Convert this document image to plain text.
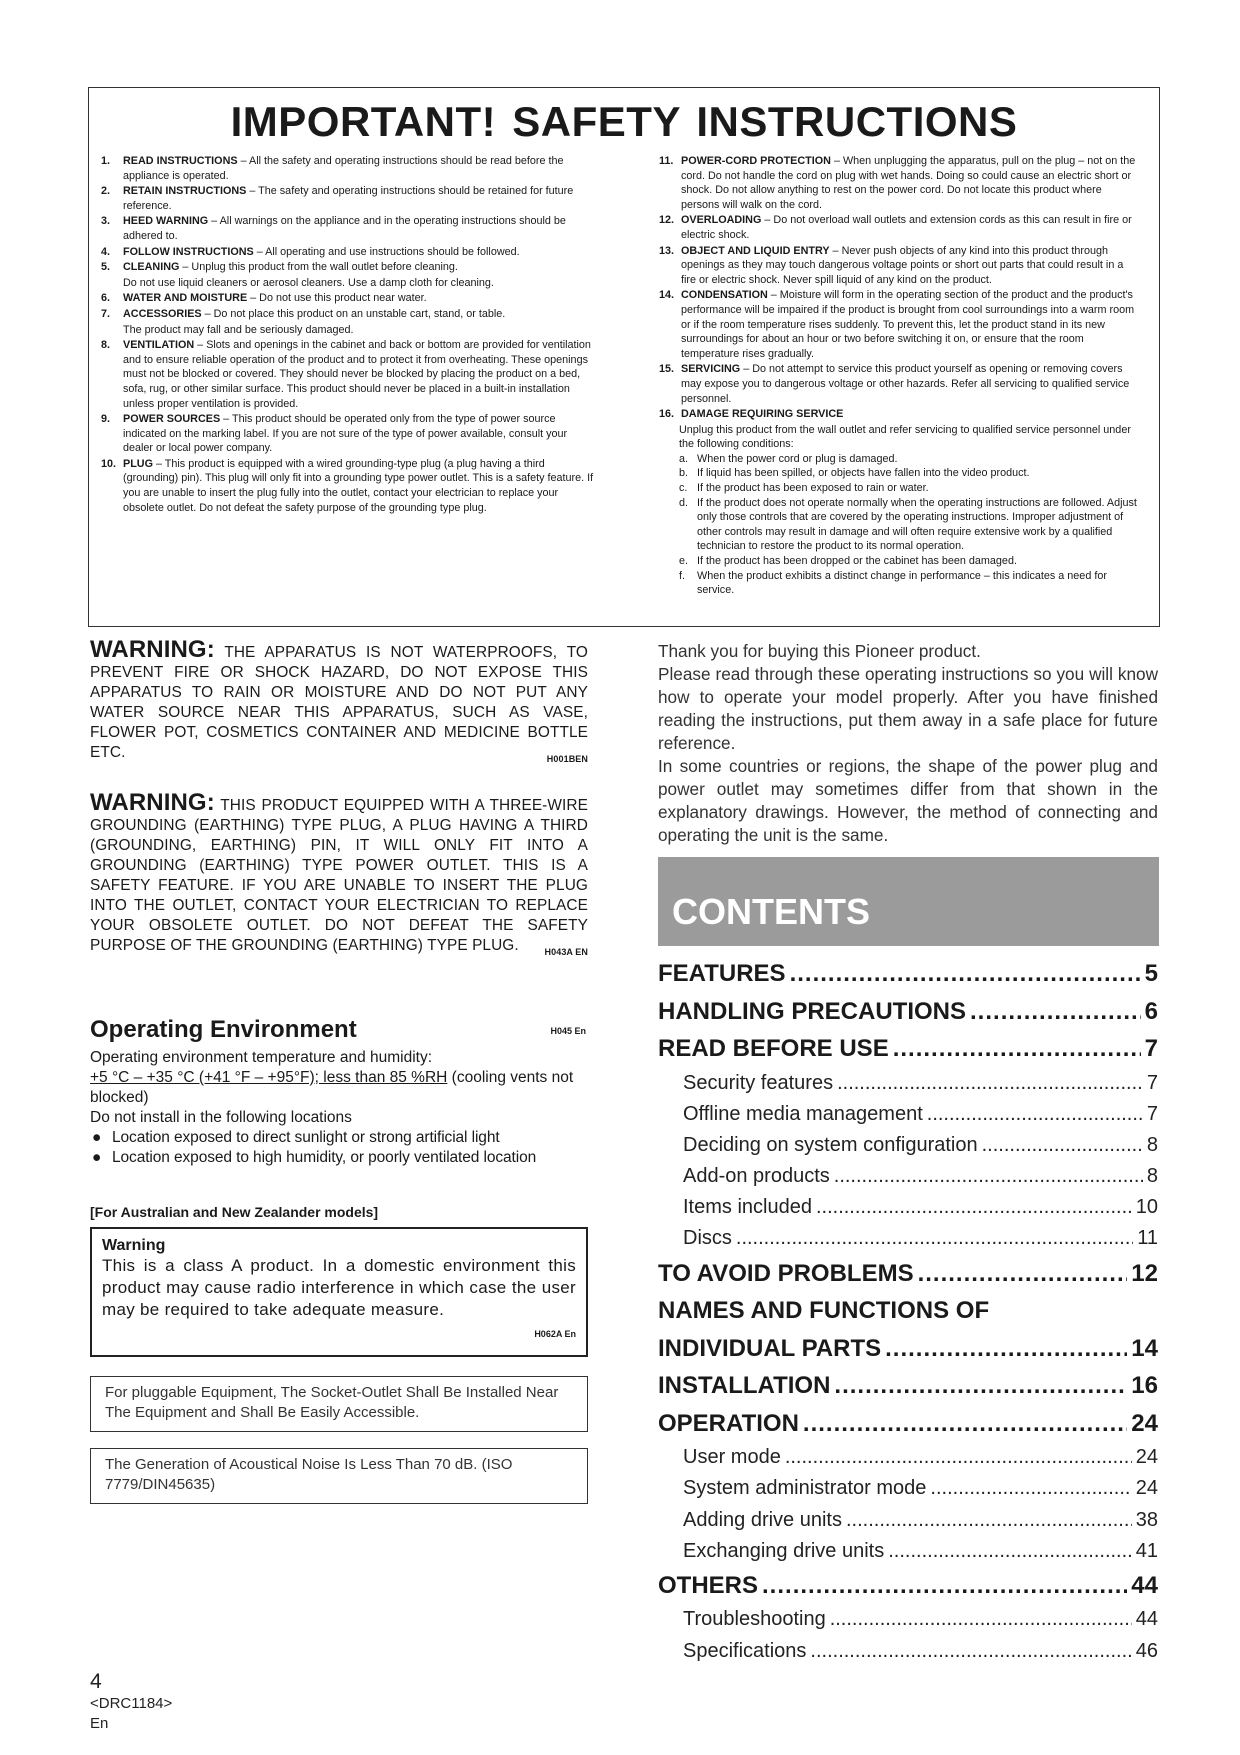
IMPORTANT! SAFETY INSTRUCTIONS
1. READ INSTRUCTIONS – All the safety and operating instructions should be read before the appliance is operated.
2. RETAIN INSTRUCTIONS – The safety and operating instructions should be retained for future reference.
3. HEED WARNING – All warnings on the appliance and in the operating instructions should be adhered to.
4. FOLLOW INSTRUCTIONS – All operating and use instructions should be followed.
5. CLEANING – Unplug this product from the wall outlet before cleaning.
Do not use liquid cleaners or aerosol cleaners. Use a damp cloth for cleaning.
6. WATER AND MOISTURE – Do not use this product near water.
7. ACCESSORIES – Do not place this product on an unstable cart, stand, or table.
The product may fall and be seriously damaged.
8. VENTILATION – Slots and openings in the cabinet and back or bottom are provided for ventilation and to ensure reliable operation of the product and to protect it from overheating. These openings must not be blocked or covered. They should never be blocked by placing the product on a bed, sofa, rug, or other similar surface. This product should never be placed in a built-in installation unless proper ventilation is provided.
9. POWER SOURCES – This product should be operated only from the type of power source indicated on the marking label. If you are not sure of the type of power available, consult your dealer or local power company.
10. PLUG – This product is equipped with a wired grounding-type plug (a plug having a third (grounding) pin). This plug will only fit into a grounding type power outlet. This is a safety feature. If you are unable to insert the plug fully into the outlet, contact your electrician to replace your obsolete outlet. Do not defeat the safety purpose of the grounding type plug.
11. POWER-CORD PROTECTION – When unplugging the apparatus, pull on the plug – not on the cord. Do not handle the cord on plug with wet hands. Doing so could cause an electric short or shock. Do not allow anything to rest on the power cord. Do not locate this product where persons will walk on the cord.
12. OVERLOADING – Do not overload wall outlets and extension cords as this can result in fire or electric shock.
13. OBJECT AND LIQUID ENTRY – Never push objects of any kind into this product through openings as they may touch dangerous voltage points or short out parts that could result in a fire or electric shock. Never spill liquid of any kind on the product.
14. CONDENSATION – Moisture will form in the operating section of the product and the product's performance will be impaired if the product is brought from cool surroundings into a warm room or if the room temperature rises suddenly. To prevent this, let the product stand in its new surroundings for about an hour or two before switching it on, or ensure that the room temperature rises gradually.
15. SERVICING – Do not attempt to service this product yourself as opening or removing covers may expose you to dangerous voltage or other hazards. Refer all servicing to qualified service personnel.
16. DAMAGE REQUIRING SERVICE
Unplug this product from the wall outlet and refer servicing to qualified service personnel under the following conditions:
a. When the power cord or plug is damaged.
b. If liquid has been spilled, or objects have fallen into the video product.
c. If the product has been exposed to rain or water.
d. If the product does not operate normally when the operating instructions are followed. Adjust only those controls that are covered by the operating instructions. Improper adjustment of other controls may result in damage and will often require extensive work by a qualified technician to restore the product to its normal operation.
e. If the product has been dropped or the cabinet has been damaged.
f. When the product exhibits a distinct change in performance – this indicates a need for service.
WARNING: THE APPARATUS IS NOT WATERPROOFS, TO PREVENT FIRE OR SHOCK HAZARD, DO NOT EXPOSE THIS APPARATUS TO RAIN OR MOISTURE AND DO NOT PUT ANY WATER SOURCE NEAR THIS APPARATUS, SUCH AS VASE, FLOWER POT, COSMETICS CONTAINER AND MEDICINE BOTTLE ETC.	H001BEN
WARNING: THIS PRODUCT EQUIPPED WITH A THREE-WIRE GROUNDING (EARTHING) TYPE PLUG, A PLUG HAVING A THIRD (GROUNDING, EARTHING) PIN, IT WILL ONLY FIT INTO A GROUNDING (EARTHING) TYPE POWER OUTLET. THIS IS A SAFETY FEATURE. IF YOU ARE UNABLE TO INSERT THE PLUG INTO THE OUTLET, CONTACT YOUR ELECTRICIAN TO REPLACE YOUR OBSOLETE OUTLET. DO NOT DEFEAT THE SAFETY PURPOSE OF THE GROUNDING (EARTHING) TYPE PLUG.	H043A EN
Operating Environment	H045 En
Operating environment temperature and humidity:
+5 °C – +35 °C (+41 °F – +95°F); less than 85 %RH (cooling vents not blocked)
Do not install in the following locations
● Location exposed to direct sunlight or strong artificial light
● Location exposed to high humidity, or poorly ventilated location
[For Australian and New Zealander models]
Warning
This is a class A product. In a domestic environment this product may cause radio interference in which case the user may be required to take adequate measure.
H062A En
For pluggable Equipment, The Socket-Outlet Shall Be Installed Near The Equipment and Shall Be Easily Accessible.
The Generation of Acoustical Noise Is Less Than 70 dB. (ISO 7779/DIN45635)

Thank you for buying this Pioneer product.

Please read through these operating instructions so you will know how to operate your model properly. After you have finished reading the instructions, put them away in a safe place for future reference.

In some countries or regions, the shape of the power plug and power outlet may sometimes differ from that shown in the explanatory drawings. However, the method of connecting and operating the unit is the same.

CONTENTS
FEATURES .....	5
HANDLING PRECAUTIONS .....	6
READ BEFORE USE .....	7
Security features .....	7
Offline media management .....	7
Deciding on system configuration .....	8
Add-on products .....	8
Items included .....	10
Discs .....	11
TO AVOID PROBLEMS .....	12
NAMES AND FUNCTIONS OF
INDIVIDUAL PARTS .....	14
INSTALLATION .....	16
OPERATION .....	24
User mode .....	24
System administrator mode .....	24
Adding drive units .....	38
Exchanging drive units .....	41
OTHERS .....	44
Troubleshooting .....	44
Specifications .....	46
4
<DRC1184>
En
